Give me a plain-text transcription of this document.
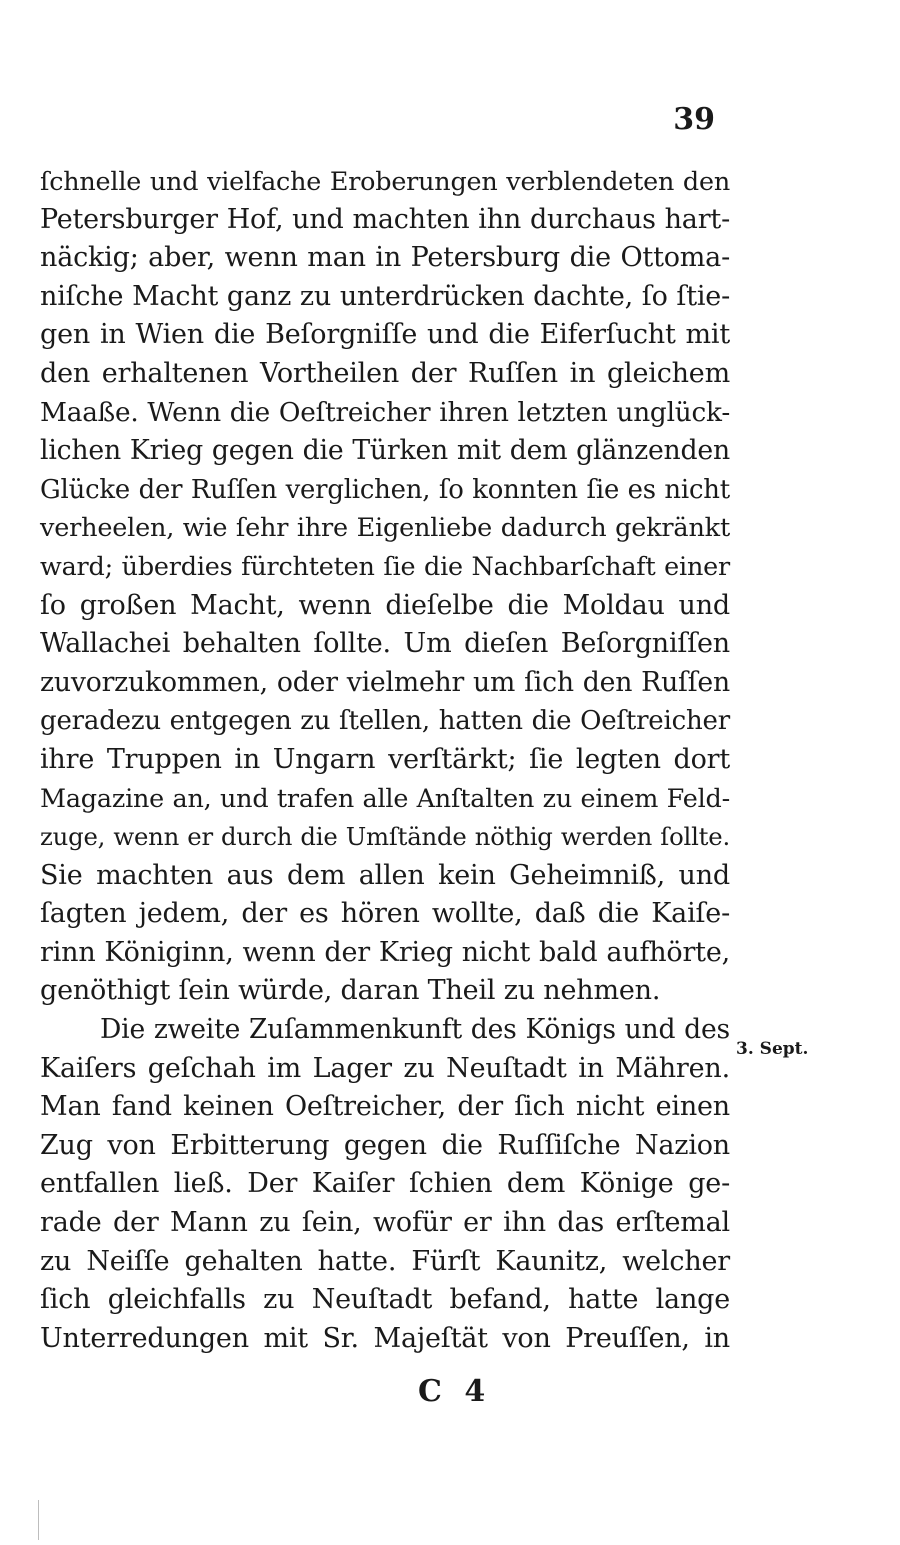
39
ſchnelle und vielfache Eroberungen verblendeten den
Petersburger Hof, und machten ihn durchaus hart-
näckig; aber, wenn man in Petersburg die Ottoma-
niſche Macht ganz zu unterdrücken dachte, ſo ſtie-
gen in Wien die Beſorgniſſe und die Eiferſucht mit
den erhaltenen Vortheilen der Ruſſen in gleichem
Maaße. Wenn die Oeſtreicher ihren letzten unglück-
lichen Krieg gegen die Türken mit dem glänzenden
Glücke der Ruſſen verglichen, ſo konnten ſie es nicht
verheelen, wie ſehr ihre Eigenliebe dadurch gekränkt
ward; überdies fürchteten ſie die Nachbarſchaft einer
ſo großen Macht, wenn dieſelbe die Moldau und
Wallachei behalten ſollte. Um dieſen Beſorgniſſen
zuvorzukommen, oder vielmehr um ſich den Ruſſen
geradezu entgegen zu ſtellen, hatten die Oeſtreicher
ihre Truppen in Ungarn verſtärkt; ſie legten dort
Magazine an, und trafen alle Anſtalten zu einem Feld-
zuge, wenn er durch die Umſtände nöthig werden ſollte.
Sie machten aus dem allen kein Geheimniß, und
ſagten jedem, der es hören wollte, daß die Kaiſe-
rinn Königinn, wenn der Krieg nicht bald aufhörte,
genöthigt ſein würde, daran Theil zu nehmen.
Die zweite Zuſammenkunft des Königs und des
Kaiſers geſchah im Lager zu Neuſtadt in Mähren.
Man fand keinen Oeſtreicher, der ſich nicht einen
Zug von Erbitterung gegen die Ruſſiſche Nazion
entfallen ließ. Der Kaiſer ſchien dem Könige ge-
rade der Mann zu ſein, wofür er ihn das erſtemal
zu Neiſſe gehalten hatte. Fürſt Kaunitz, welcher
ſich gleichfalls zu Neuſtadt befand, hatte lange
Unterredungen mit Sr. Majeſtät von Preuſſen, in
3. Sept.
C 4
